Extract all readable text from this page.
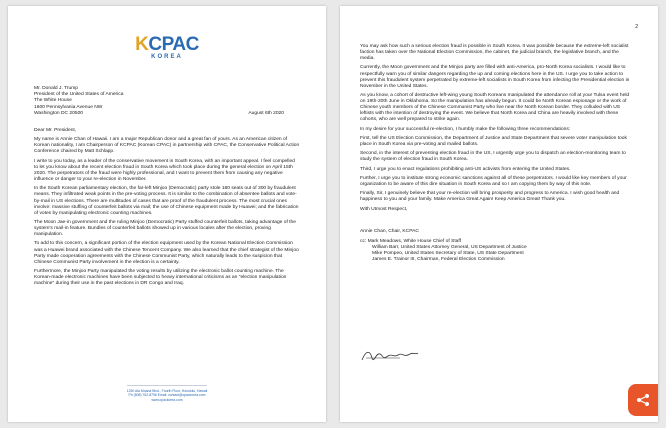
KCPAC
KOREA
Mr. Donald J. Trump
President of the United States of America
The White House
1600 Pennsylvania Avenue NW
Washington DC 20500	August 6th 2020

Dear Mr. President,

My name is Annie Chan of Hawaii. I am a major Republican donor and a great fan of yours. As an American citizen of Korean nationality, I am Chairperson of KCPAC (Korean CPAC) in partnership with CPAC, the Conservative Political Action Conference chaired by Matt Schlapp.

I write to you today, as a leader of the conservative movement in South Korea, with an important appeal. I feel compelled to let you know about the recent election fraud in South Korea which took place during the general election on April 15th 2020. The perpetrators of the fraud were highly professional, and I want to prevent them from causing any negative influence or danger to your re-election in November.

In the South Korean parliamentary election, the far-left Minjoo (Democratic) party stole 180 seats out of 300 by fraudulent means. They infiltrated weak points in the pre-voting process. It is similar to the combination of absentee ballots and vote-by-mail in US elections. There are multitudes of cases that are proof of the fraudulent process. The most crucial ones involve: massive stuffing of counterfeit ballots via mail; the use of Chinese equipment made by Huawei; and the fabrication of votes by manipulating electronic counting machines.

The Moon Jae-in government and the ruling Minjoo (Democratic) Party stuffed counterfeit ballots, taking advantage of the system's mail-in feature. Bundles of counterfeit ballots showed up in various locales after the election, proving manipulation.

To add to this concern, a significant portion of the election equipment used by the Korean National Election Commission was a Huawei brand associated with the Chinese Tencent Company. We also learned that the chief strategist of the Minjoo Party made cooperation agreements with the Chinese Communist Party, which naturally leads to the suspicion that Chinese Communist Party involvement in the election is a certainty.

Furthermore, the Minjoo Party manipulated the voting results by utilizing the electronic ballot counting machine. The Korean-made electronic machines have been subjected to heavy international criticisms as an "election manipulation machine" during their use in the past elections in DR Congo and Iraq.

1250 Ala Moana Blvd., Fourth Floor, Honolulu, Hawaii
Ph (808) 762-8796 Email: contact@cpackorea.com
www.cpackorea.com
2

You may ask how such a serious election fraud is possible in South Korea. It was possible because the extreme-left socialist faction has taken over the National Election Commission, the cabinet, the judicial branch, the legislative branch, and the media.

Currently, the Moon government and the Minjoo party are filled with anti-America, pro-North Korea socialists. I would like to respectfully warn you of similar dangers regarding the up and coming elections here in the US. I urge you to take action to prevent this fraudulent system perpetrated by extreme-left socialists in South Korea from infecting the Presidential election in November in the United States.

As you know, a cohort of destructive left-wing young South Koreans manipulated the attendance roll at your Tulsa event held on 19th-20th June in Oklahoma. So the manipulation has already begun. It could be North Korean espionage or the work of Chinese youth members of the Chinese Communist Party who live near the North Korean border. They colluded with US leftists with the intention of destroying the event. We believe that North Korea and China are heavily involved with these cohorts, who are well prepared to strike again.

In my desire for your successful re-election, I humbly make the following three recommendations:

First, tell the US Election Commission, the Department of Justice and State Department that severe voter manipulation took place in South Korea via pre-voting and mailed ballots.

Second, in the interest of preventing election fraud in the US, I urgently urge you to dispatch an election-monitoring team to study the system of election fraud in South Korea.

Third, I urge you to enact regulations prohibiting anti-US activists from entering the United States.

Further, I urge you to institute strong economic sanctions against all of these perpetrators. I would like key members of your organization to be aware of this dire situation in South Korea and so I am copying them by way of this note.

Finally, Sir, I genuinely believe that your re-election will bring prosperity and progress to America. I wish good health and happiness to you and your family. Make America Great Again! Keep America Great! Thank you.

With Utmost Respect,

Annie Chan, Chair, KCPAC

cc: Mark Meadows, White House Chief of Staff
William Barr, United States Attorney General, US Department of Justice
Mike Pompeo, United States Secretary of State, US State Department
James E. Trainor III, Chairman, Federal Election Commission
